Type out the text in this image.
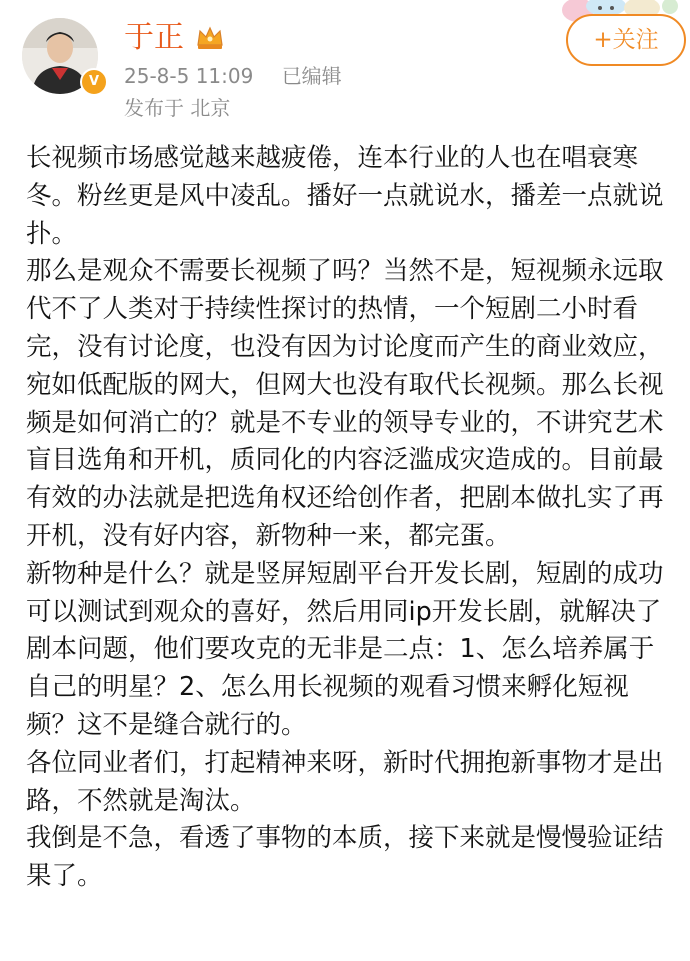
V
于正
25-8-5 11:09 已编辑
发布于 北京
+关注

长视频市场感觉越来越疲倦，连本行业的人也在唱衰寒冬。粉丝更是风中凌乱。播好一点就说水，播差一点就说扑。

那么是观众不需要长视频了吗？当然不是，短视频永远取代不了人类对于持续性探讨的热情，一个短剧二小时看完，没有讨论度，也没有因为讨论度而产生的商业效应，宛如低配版的网大，但网大也没有取代长视频。那么长视频是如何消亡的？就是不专业的领导专业的，不讲究艺术盲目选角和开机，质同化的内容泛滥成灾造成的。目前最有效的办法就是把选角权还给创作者，把剧本做扎实了再开机，没有好内容，新物种一来，都完蛋。

新物种是什么？就是竖屏短剧平台开发长剧，短剧的成功可以测试到观众的喜好，然后用同ip开发长剧，就解决了剧本问题，他们要攻克的无非是二点：1、怎么培养属于自己的明星？2、怎么用长视频的观看习惯来孵化短视频？这不是缝合就行的。

各位同业者们，打起精神来呀，新时代拥抱新事物才是出路，不然就是淘汰。

我倒是不急，看透了事物的本质，接下来就是慢慢验证结果了。
